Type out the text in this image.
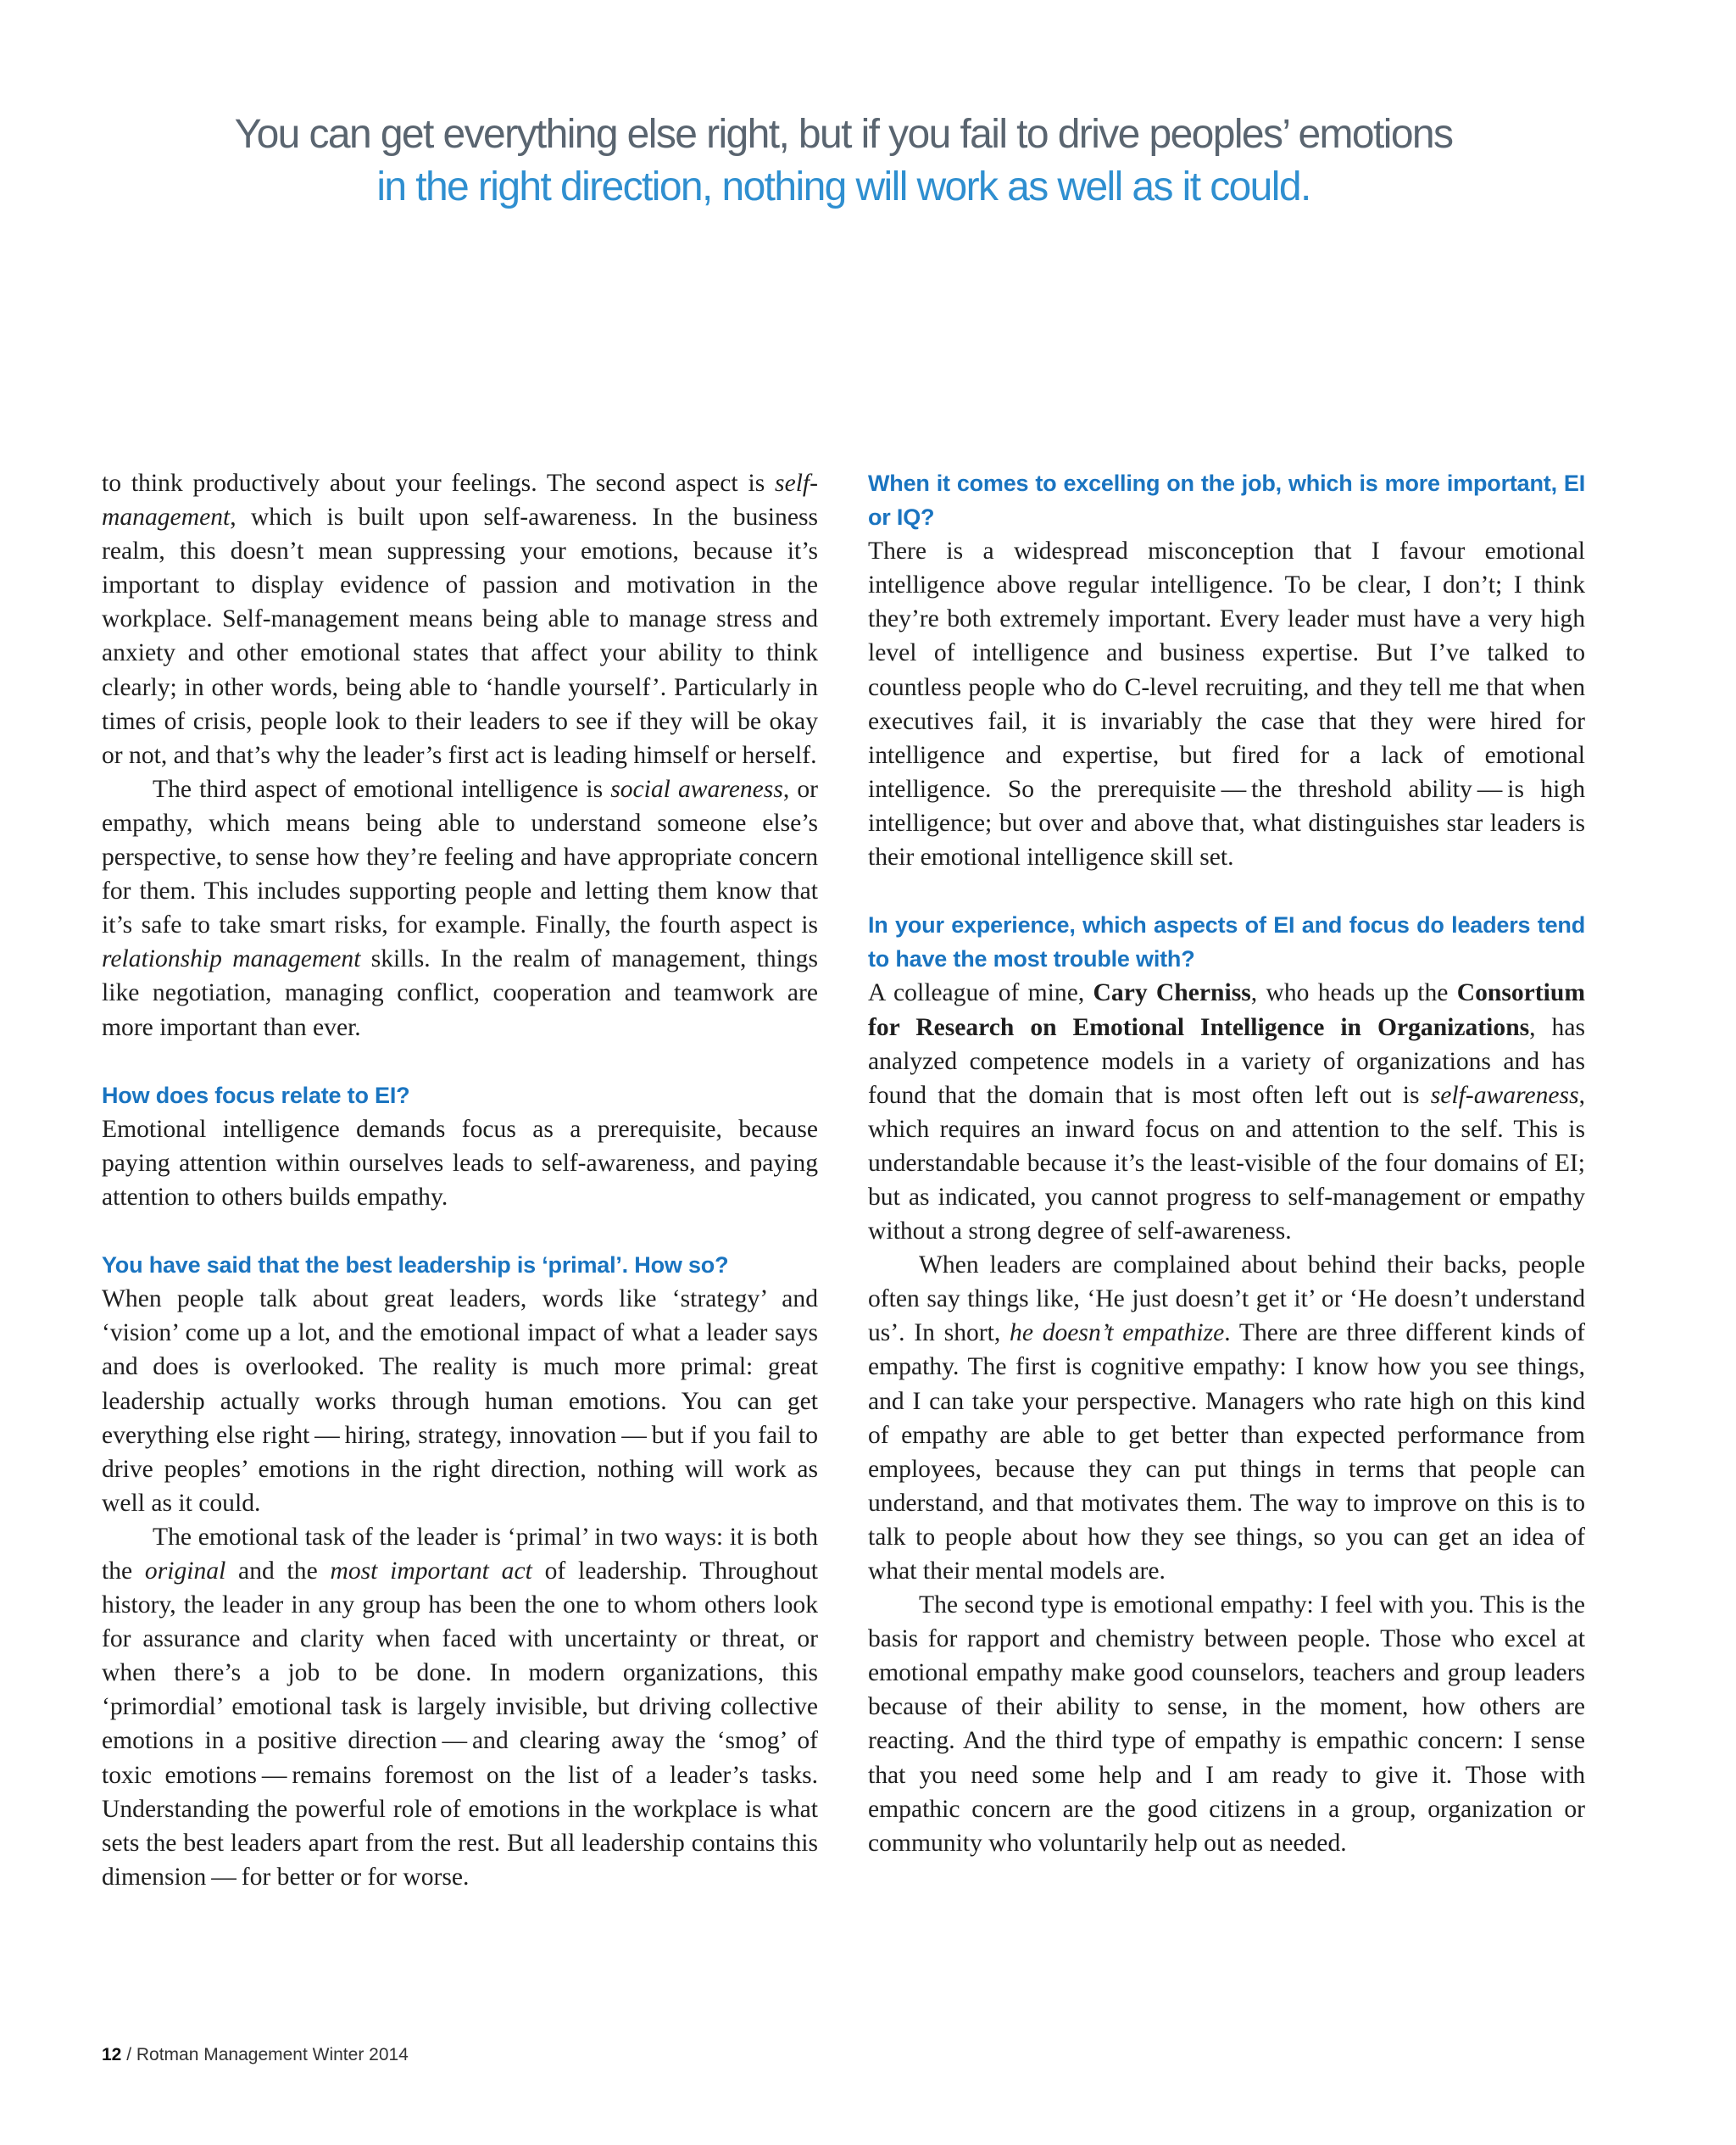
You can get everything else right, but if you fail to drive peoples’ emotions
in the right direction, nothing will work as well as it could.

to think productively about your feelings. The second aspect is self-management, which is built upon self-awareness. In the business realm, this doesn’t mean suppressing your emotions, because it’s important to display evidence of passion and motivation in the workplace. Self-management means being able to manage stress and anxiety and other emotional states that affect your ability to think clearly; in other words, being able to ‘handle yourself’. Particularly in times of crisis, people look to their leaders to see if they will be okay or not, and that’s why the leader’s first act is leading himself or herself.

The third aspect of emotional intelligence is social awareness, or empathy, which means being able to understand someone else’s perspective, to sense how they’re feeling and have appropriate concern for them. This includes supporting people and letting them know that it’s safe to take smart risks, for example. Finally, the fourth aspect is relationship management skills. In the realm of management, things like negotiation, managing conflict, cooperation and teamwork are more important than ever.

How does focus relate to EI?

Emotional intelligence demands focus as a prerequisite, because paying attention within ourselves leads to self-awareness, and paying attention to others builds empathy.

You have said that the best leadership is ‘primal’. How so?

When people talk about great leaders, words like ‘strategy’ and ‘vision’ come up a lot, and the emotional impact of what a leader says and does is overlooked. The reality is much more primal: great leadership actually works through human emotions. You can get everything else right — hiring, strategy, innovation — but if you fail to drive peoples’ emotions in the right direction, nothing will work as well as it could.

The emotional task of the leader is ‘primal’ in two ways: it is both the original and the most important act of leadership. Throughout history, the leader in any group has been the one to whom others look for assurance and clarity when faced with uncertainty or threat, or when there’s a job to be done. In modern organizations, this ‘primordial’ emotional task is largely invisible, but driving collective emotions in a positive direction — and clearing away the ‘smog’ of toxic emotions — remains foremost on the list of a leader’s tasks. Understanding the powerful role of emotions in the workplace is what sets the best leaders apart from the rest. But all leadership contains this dimension — for better or for worse.

When it comes to excelling on the job, which is more important, EI or IQ?

There is a widespread misconception that I favour emotional intelligence above regular intelligence. To be clear, I don’t; I think they’re both extremely important. Every leader must have a very high level of intelligence and business expertise. But I’ve talked to countless people who do C-level recruiting, and they tell me that when executives fail, it is invariably the case that they were hired for intelligence and expertise, but fired for a lack of emotional intelligence. So the prerequisite — the threshold ability — is high intelligence; but over and above that, what distinguishes star leaders is their emotional intelligence skill set.

In your experience, which aspects of EI and focus do leaders tend to have the most trouble with?

A colleague of mine, Cary Cherniss, who heads up the Consortium for Research on Emotional Intelligence in Organizations, has analyzed competence models in a variety of organizations and has found that the domain that is most often left out is self-awareness, which requires an inward focus on and attention to the self. This is understandable because it’s the least-visible of the four domains of EI; but as indicated, you cannot progress to self-management or empathy without a strong degree of self-awareness.

When leaders are complained about behind their backs, people often say things like, ‘He just doesn’t get it’ or ‘He doesn’t understand us’. In short, he doesn’t empathize. There are three different kinds of empathy. The first is cognitive empathy: I know how you see things, and I can take your perspective. Managers who rate high on this kind of empathy are able to get better than expected performance from employees, because they can put things in terms that people can understand, and that motivates them. The way to improve on this is to talk to people about how they see things, so you can get an idea of what their mental models are.

The second type is emotional empathy: I feel with you. This is the basis for rapport and chemistry between people. Those who excel at emotional empathy make good counselors, teachers and group leaders because of their ability to sense, in the moment, how others are reacting. And the third type of empathy is empathic concern: I sense that you need some help and I am ready to give it. Those with empathic concern are the good citizens in a group, organization or community who voluntarily help out as needed.

12 / Rotman Management Winter 2014
